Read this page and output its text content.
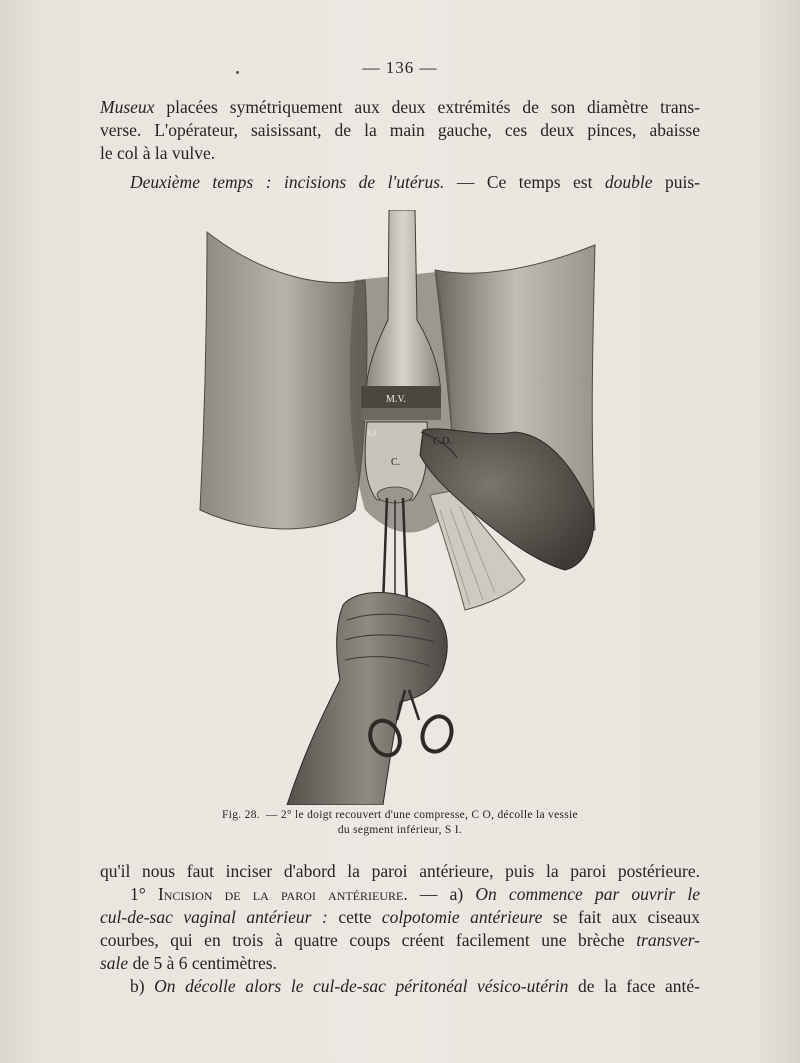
— 136 —
Museux placées symétriquement aux deux extrémités de son diamètre trans-
verse. L'opérateur, saisissant, de la main gauche, ces deux pinces, abaisse
le col à la vulve.
Deuxième temps : incisions de l'utérus. — Ce temps est double puis-
M.V.
S.I.
C.O.
C.
Fig. 28. — 2° le doigt recouvert d'une compresse, C O, décolle la vessie
du segment inférieur, S I.
qu'il nous faut inciser d'abord la paroi antérieure, puis la paroi postérieure.
1° Incision de la paroi antérieure. — a) On commence par ouvrir le
cul-de-sac vaginal antérieur : cette colpotomie antérieure se fait aux ciseaux
courbes, qui en trois à quatre coups créent facilement une brèche transver-
sale de 5 à 6 centimètres.
b) On décolle alors le cul-de-sac péritonéal vésico-utérin de la face anté-
